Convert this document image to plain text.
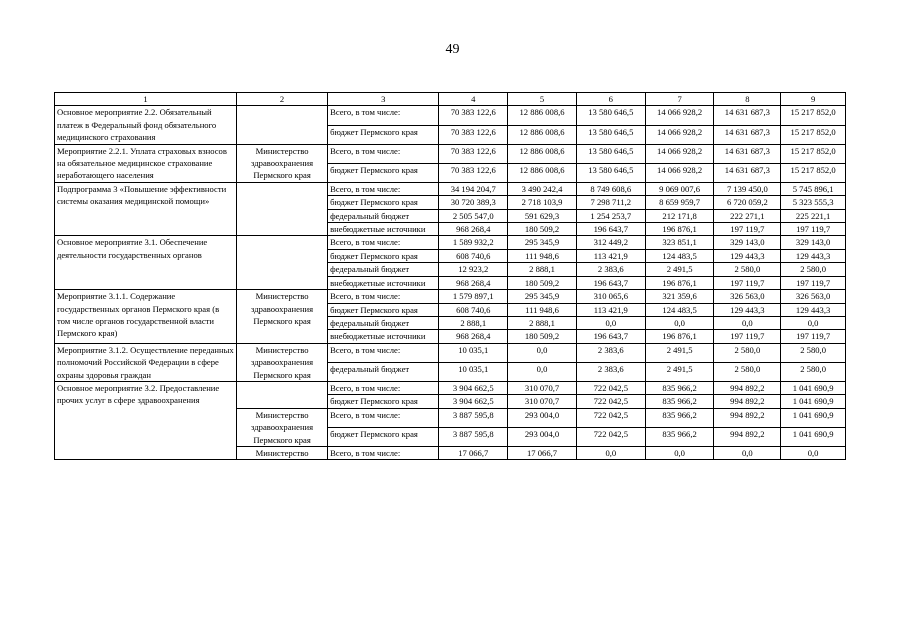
49
1	2	3	4	5	6	7	8	9
Основное мероприятие 2.2. Обязательный платеж в Федеральный фонд обязательного медицинского страхования		Всего, в том числе:	70 383 122,6	12 886 008,6	13 580 646,5	14 066 928,2	14 631 687,3	15 217 852,0
		бюджет Пермского края	70 383 122,6	12 886 008,6	13 580 646,5	14 066 928,2	14 631 687,3	15 217 852,0
Мероприятие 2.2.1. Уплата страховых взносов на обязательное медицинское страхование неработающего населения	Министерство здравоохранения Пермского края	Всего, в том числе:	70 383 122,6	12 886 008,6	13 580 646,5	14 066 928,2	14 631 687,3	15 217 852,0
		бюджет Пермского края	70 383 122,6	12 886 008,6	13 580 646,5	14 066 928,2	14 631 687,3	15 217 852,0
Подпрограмма 3 «Повышение эффективности системы оказания медицинской помощи»		Всего, в том числе:	34 194 204,7	3 490 242,4	8 749 608,6	9 069 007,6	7 139 450,0	5 745 896,1
		бюджет Пермского края	30 720 389,3	2 718 103,9	7 298 711,2	8 659 959,7	6 720 059,2	5 323 555,3
		федеральный бюджет	2 505 547,0	591 629,3	1 254 253,7	212 171,8	222 271,1	225 221,1
		внебюджетные источники	968 268,4	180 509,2	196 643,7	196 876,1	197 119,7	197 119,7
Основное мероприятие 3.1. Обеспечение деятельности государственных органов		Всего, в том числе:	1 589 932,2	295 345,9	312 449,2	323 851,1	329 143,0	329 143,0
		бюджет Пермского края	608 740,6	111 948,6	113 421,9	124 483,5	129 443,3	129 443,3
		федеральный бюджет	12 923,2	2 888,1	2 383,6	2 491,5	2 580,0	2 580,0
		внебюджетные источники	968 268,4	180 509,2	196 643,7	196 876,1	197 119,7	197 119,7
Мероприятие 3.1.1. Содержание государственных органов Пермского края (в том числе органов государственной власти Пермского края)	Министерство здравоохранения Пермского края	Всего, в том числе:	1 579 897,1	295 345,9	310 065,6	321 359,6	326 563,0	326 563,0
		бюджет Пермского края	608 740,6	111 948,6	113 421,9	124 483,5	129 443,3	129 443,3
		федеральный бюджет	2 888,1	2 888,1	0,0	0,0	0,0	0,0
		внебюджетные источники	968 268,4	180 509,2	196 643,7	196 876,1	197 119,7	197 119,7
Мероприятие 3.1.2. Осуществление переданных полномочий Российской Федерации в сфере охраны здоровья граждан	Министерство здравоохранения Пермского края	Всего, в том числе:	10 035,1	0,0	2 383,6	2 491,5	2 580,0	2 580,0
		федеральный бюджет	10 035,1	0,0	2 383,6	2 491,5	2 580,0	2 580,0
Основное мероприятие 3.2. Предоставление прочих услуг в сфере здравоохранения		Всего, в том числе:	3 904 662,5	310 070,7	722 042,5	835 966,2	994 892,2	1 041 690,9
		бюджет Пермского края	3 904 662,5	310 070,7	722 042,5	835 966,2	994 892,2	1 041 690,9
	Министерство здравоохранения Пермского края	Всего, в том числе:	3 887 595,8	293 004,0	722 042,5	835 966,2	994 892,2	1 041 690,9
		бюджет Пермского края	3 887 595,8	293 004,0	722 042,5	835 966,2	994 892,2	1 041 690,9
	Министерство	Всего, в том числе:	17 066,7	17 066,7	0,0	0,0	0,0	0,0
